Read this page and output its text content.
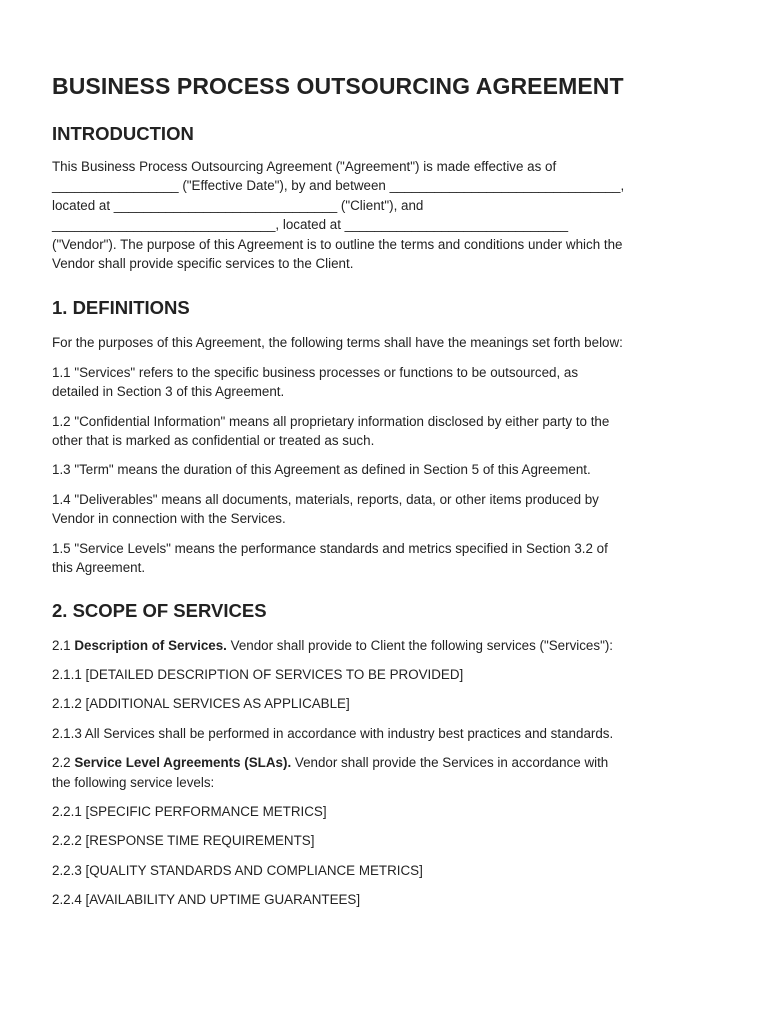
BUSINESS PROCESS OUTSOURCING AGREEMENT
INTRODUCTION

This Business Process Outsourcing Agreement ("Agreement") is made effective as of
_________________ ("Effective Date"), by and between _______________________________,
located at ______________________________ ("Client"), and
______________________________, located at ______________________________
("Vendor"). The purpose of this Agreement is to outline the terms and conditions under which the
Vendor shall provide specific services to the Client.

1. DEFINITIONS

For the purposes of this Agreement, the following terms shall have the meanings set forth below:

1.1 "Services" refers to the specific business processes or functions to be outsourced, as
detailed in Section 3 of this Agreement.

1.2 "Confidential Information" means all proprietary information disclosed by either party to the
other that is marked as confidential or treated as such.

1.3 "Term" means the duration of this Agreement as defined in Section 5 of this Agreement.

1.4 "Deliverables" means all documents, materials, reports, data, or other items produced by
Vendor in connection with the Services.

1.5 "Service Levels" means the performance standards and metrics specified in Section 3.2 of
this Agreement.

2. SCOPE OF SERVICES

2.1 Description of Services. Vendor shall provide to Client the following services ("Services"):

2.1.1 [DETAILED DESCRIPTION OF SERVICES TO BE PROVIDED]

2.1.2 [ADDITIONAL SERVICES AS APPLICABLE]

2.1.3 All Services shall be performed in accordance with industry best practices and standards.

2.2 Service Level Agreements (SLAs). Vendor shall provide the Services in accordance with
the following service levels:

2.2.1 [SPECIFIC PERFORMANCE METRICS]

2.2.2 [RESPONSE TIME REQUIREMENTS]

2.2.3 [QUALITY STANDARDS AND COMPLIANCE METRICS]

2.2.4 [AVAILABILITY AND UPTIME GUARANTEES]
